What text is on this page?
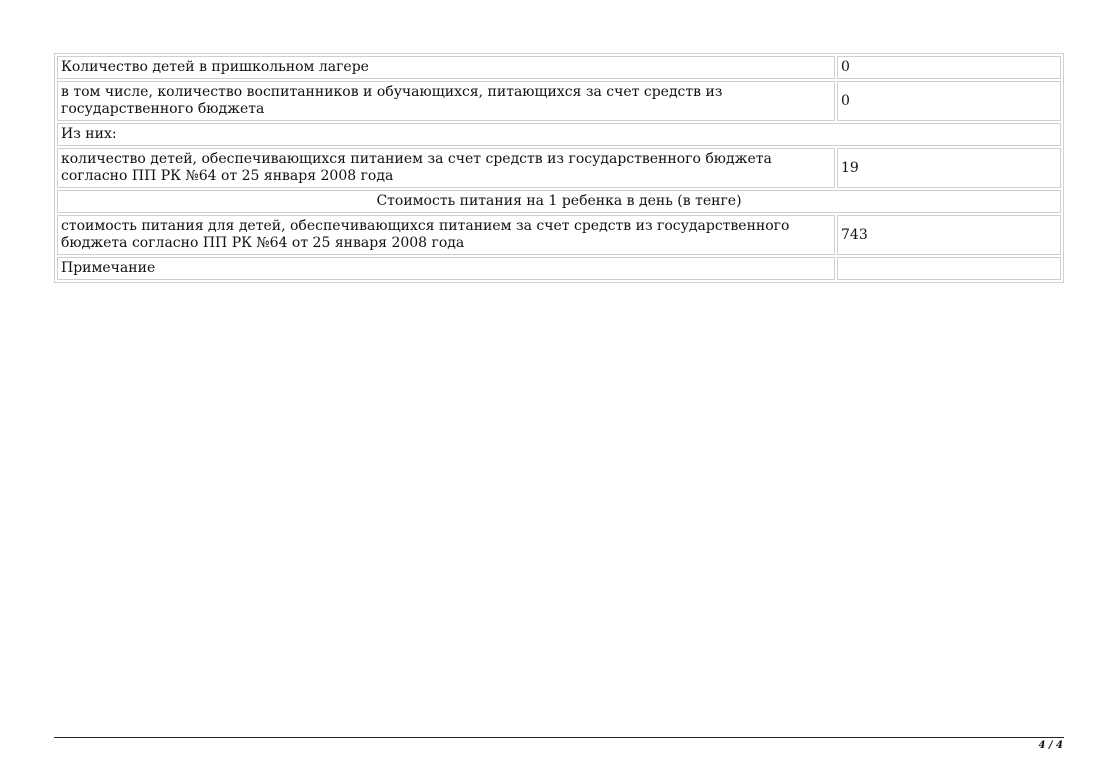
Количество детей в пришкольном лагере	0
в том числе, количество воспитанников и обучающихся, питающихся за счет средств из государственного бюджета	0
Из них:	
количество детей, обеспечивающихся питанием за счет средств из государственного бюджета согласно ПП РК №64 от 25 января 2008 года	19
Стоимость питания на 1 ребенка в день (в тенге)	
стоимость питания для детей, обеспечивающихся питанием за счет средств из государственного бюджета согласно ПП РК №64 от 25 января 2008 года	743
Примечание	
4 / 4
